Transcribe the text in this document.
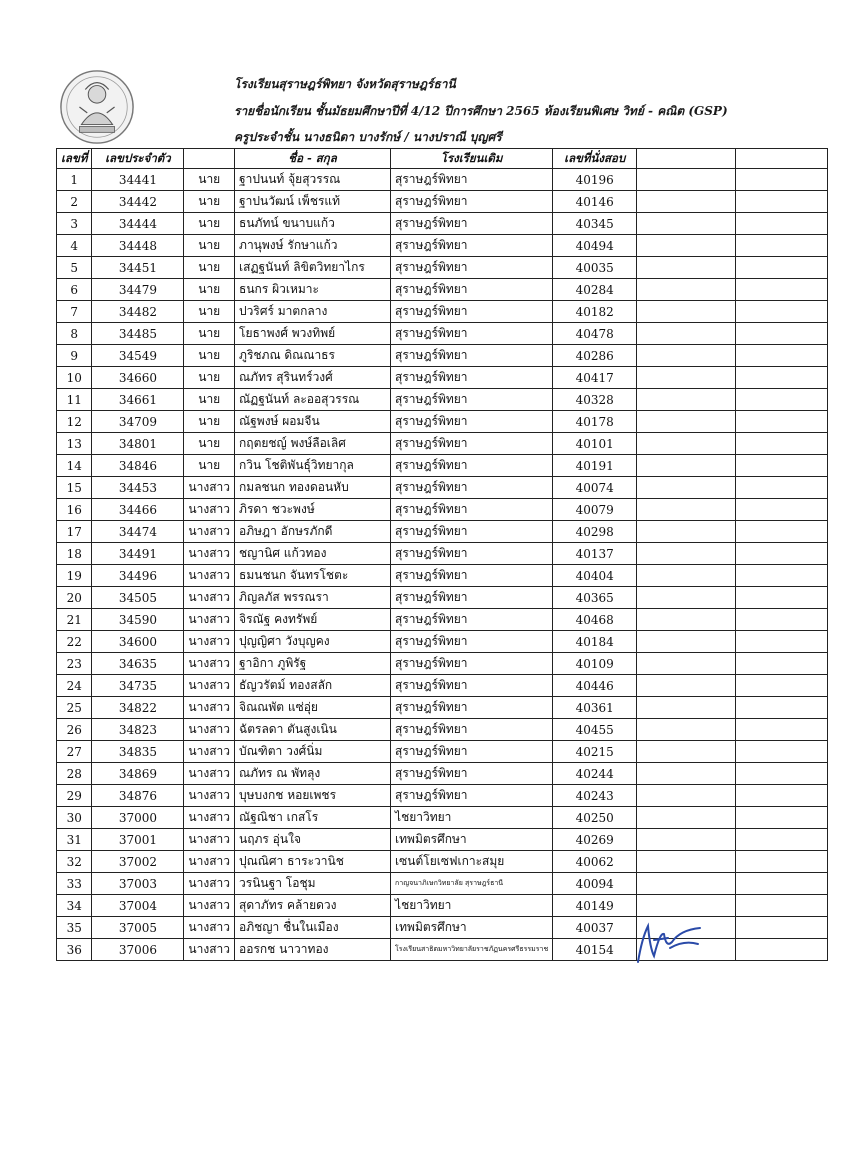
โรงเรียนสุราษฎร์พิทยา จังหวัดสุราษฎร์ธานี
รายชื่อนักเรียน ชั้นมัธยมศึกษาปีที่ 4/12 ปีการศึกษา 2565 ห้องเรียนพิเศษ วิทย์ - คณิต (GSP)
ครูประจำชั้น นางธนิดา บางรักษ์ / นางปราณี บุญศรี
เลขที่	เลขประจำตัว		ชื่อ - สกุล	โรงเรียนเดิม	เลขที่นั่งสอบ		
1	34441	นาย	ฐาปนนท์ จุ้ยสุวรรณ	สุราษฎร์พิทยา	40196		
2	34442	นาย	ฐาปนวัฒน์ เพ็ชรแท้	สุราษฎร์พิทยา	40146		
3	34444	นาย	ธนภัทน์ ขนาบแก้ว	สุราษฎร์พิทยา	40345		
4	34448	นาย	ภานุพงษ์ รักษาแก้ว	สุราษฎร์พิทยา	40494		
5	34451	นาย	เสฏฐนันท์ ลิขิตวิทยาไกร	สุราษฎร์พิทยา	40035		
6	34479	นาย	ธนกร ผิวเหมาะ	สุราษฎร์พิทยา	40284		
7	34482	นาย	ปวริศร์ มาตกลาง	สุราษฎร์พิทยา	40182		
8	34485	นาย	โยธาพงศ์ พวงทิพย์	สุราษฎร์พิทยา	40478		
9	34549	นาย	ภูริชภณ ดิณณาธร	สุราษฎร์พิทยา	40286		
10	34660	นาย	ณภัทร สุรินทร์วงศ์	สุราษฎร์พิทยา	40417		
11	34661	นาย	ณัฏฐนันท์ ละออสุวรรณ	สุราษฎร์พิทยา	40328		
12	34709	นาย	ณัฐพงษ์ ผอมจีน	สุราษฎร์พิทยา	40178		
13	34801	นาย	กฤตยชญ์ พงษ์ลือเลิศ	สุราษฎร์พิทยา	40101		
14	34846	นาย	กวิน โชติพันธุ์วิทยากุล	สุราษฎร์พิทยา	40191		
15	34453	นางสาว	กมลชนก ทองดอนหับ	สุราษฎร์พิทยา	40074		
16	34466	นางสาว	ภิรดา ชวะพงษ์	สุราษฎร์พิทยา	40079		
17	34474	นางสาว	อภิษฎา อักษรภักดี	สุราษฎร์พิทยา	40298		
18	34491	นางสาว	ชญานิศ แก้วทอง	สุราษฎร์พิทยา	40137		
19	34496	นางสาว	ธมนชนก จันทรโชตะ	สุราษฎร์พิทยา	40404		
20	34505	นางสาว	ภิญลภัส พรรณรา	สุราษฎร์พิทยา	40365		
21	34590	นางสาว	จิรณัฐ คงทรัพย์	สุราษฎร์พิทยา	40468		
22	34600	นางสาว	ปุญญิศา วังบุญคง	สุราษฎร์พิทยา	40184		
23	34635	นางสาว	ฐาอิกา ภูพิรัฐ	สุราษฎร์พิทยา	40109		
24	34735	นางสาว	ธัญวรัตม์ ทองสลัก	สุราษฎร์พิทยา	40446		
25	34822	นางสาว	จิณณพัต แซ่อุ่ย	สุราษฎร์พิทยา	40361		
26	34823	นางสาว	ฉัตรลดา ตันสูงเนิน	สุราษฎร์พิทยา	40455		
27	34835	นางสาว	บัณฑิตา วงศ์นิ่ม	สุราษฎร์พิทยา	40215		
28	34869	นางสาว	ณภัทร ณ พัทลุง	สุราษฎร์พิทยา	40244		
29	34876	นางสาว	บุษบงกช หอยเพชร	สุราษฎร์พิทยา	40243		
30	37000	นางสาว	ณัฐณิชา เกสโร	ไชยาวิทยา	40250		
31	37001	นางสาว	นฤภร อุ่นใจ	เทพมิตรศึกษา	40269		
32	37002	นางสาว	ปุณณิศา ธาระวานิช	เซนต์โยเซฟเกาะสมุย	40062		
33	37003	นางสาว	วรนินฐา โอชุม	กาญจนาภิเษกวิทยาลัย สุราษฎร์ธานี	40094		
34	37004	นางสาว	สุดาภัทร คล้ายดวง	ไชยาวิทยา	40149		
35	37005	นางสาว	อภิชญา ชื่นในเมือง	เทพมิตรศึกษา	40037		
36	37006	นางสาว	ออรกช นาวาทอง	โรงเรียนสาธิตมหาวิทยาลัยราชภัฏนครศรีธรรมราช	40154		
